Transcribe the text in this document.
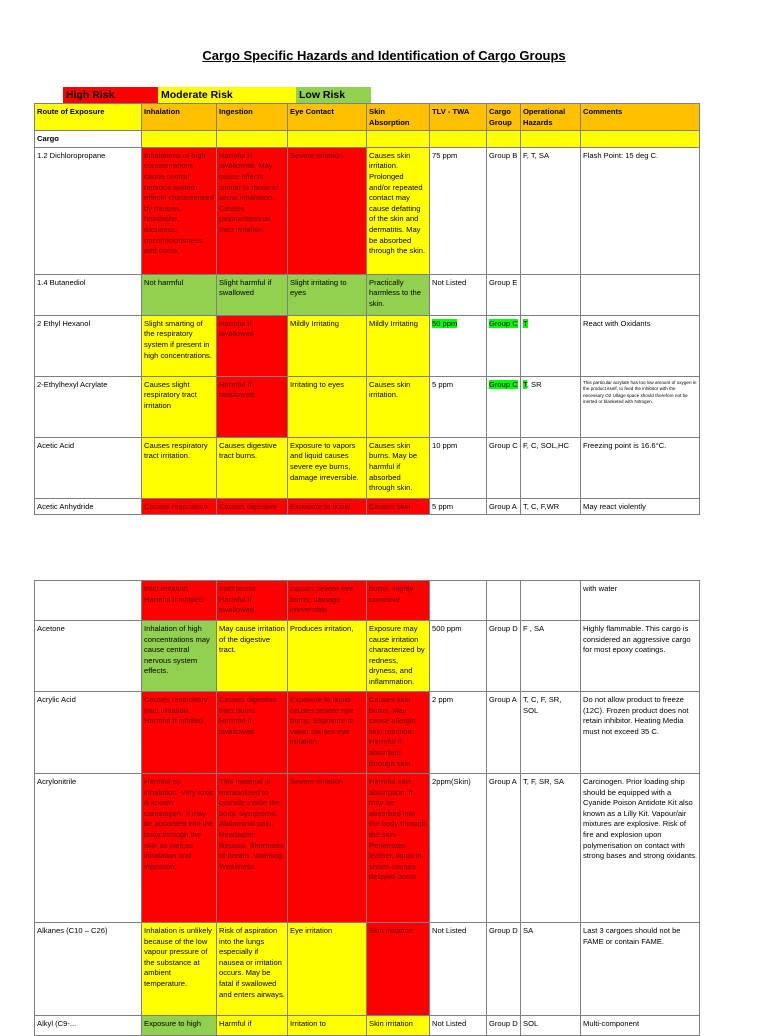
Cargo Specific Hazards and Identification of Cargo Groups
High Risk	Moderate Risk	Low Risk
Route of Exposure	Inhalation	Ingestion	Eye Contact	Skin Absorption	TLV - TWA	Cargo Group	Operational Hazards	Comments
Cargo								
1.2 Dichloropropane	Inhalations of high concentrations cause central nervous system effects characterized by nausea, headache, dizziness, unconsciousness and coma.	Harmful if swallowed. May cause effects similar to those of acute inhalation. Causes gastrointestinal tract irritation.	Severe irritation	Causes skin irritation. Prolonged and/or repeated contact may cause defatting of the skin and dermatitis. May be absorbed through the skin.	75 ppm	Group B	F, T, SA	Flash Point: 15 deg C.
1.4 Butanediol	Not harmful	Slight harmful if swallowed	Slight irritating to eyes	Practically harmless to the skin.	Not Listed	Group E		
2 Ethyl Hexanol	Slight smarting of the respiratory system if present in high concentrations.	Harmful if swallowed	Mildly Irritating	Mildly Irritating	50 ppm	Group C	T	React with Oxidants
2-Ethylhexyl Acrylate	Causes slight respiratory tract irritation	Harmful if swallowed	Irritating to eyes	Causes skin irritation.	5 ppm	Group C	T, SR	This particular acrylate has too low amount of oxygen in the product itself, to feed the inhibitor with the necessary O2 Ullage space should therefore not be inerted or blanketed with Nitrogen.
Acetic Acid	Causes respiratory tract irritation.	Causes digestive tract burns.	Exposure to vapors and liquid causes severe eye burns, damage irreversible.	Causes skin burns. May be harmful if absorbed through skin.	10 ppm	Group C	F, C, SOL,HC	Freezing point is 16.6°C.
Acetic Anhydride	Causes respiratory	Causes digestive	Exposure to liquid	Causes skin	5 ppm	Group A	T, C, F,WR	May react violently
	tract irritation. Harmful if inhaled.	tract burns. Harmful if swallowed.	causes severe eye burns, damage irreversible.	burns. Highly corrosive				with water
Acetone	Inhalation of high concentrations may cause central nervous system effects.	May cause irritation of the digestive tract.	Produces irritation,	Exposure may cause irritation characterized by redness, dryness, and inflammation.	500 ppm	Group D	F , SA	Highly flammable. This cargo is considered an aggressive cargo for most epoxy coatings.
Acrylic Acid	Causes respiratory tract irritation. Harmful if inhaled.	Causes digestive tract burns. Harmful if swallowed.	Exposure to liquid causes severe eye burns. Exposure to vapor causes eye irritation.	Causes skin burns. May cause allergic skin reaction. Harmful if absorbed through skin.	2 ppm	Group A	T, C, F, SR, SOL	Do not allow product to freeze (12C). Frozen product does not retain inhibitor. Heating Media must not exceed 35 C.
Acrylonitrile	Harmful by inhalation. Very toxic & known carcinogen. It may be absorbed into the body through the skin as well as inhalation and ingestion.	This material is metabolized to cyanide inside the body. Symptoms: Abdominal pain. Headache. Nausea. Shortness of breath. Vomiting. Weakness.	Severe irritation	Harmful skin absorption. It may be absorbed into the body through the skin. Penetrates leather, liquid in shoes causes delayed burns	2ppm(Skin)	Group A	T, F, SR, SA	Carcinogen. Prior loading ship should be equipped with a Cyanide Poison Antidote Kit also known as a Lilly Kit. Vapour/air mixtures are explosive. Risk of fire and explosion upon polymerisation on contact with strong bases and strong oxidants.
Alkanes (C10 – C26)	Inhalation is unlikely because of the low vapour pressure of the substance at ambient temperature.	Risk of aspiration into the lungs especially if nausea or irritation occurs. May be fatal if swallowed and enters airways.	Eye irritation	Skin irritation	Not Listed	Group D	SA	Last 3 cargoes should not be FAME or contain FAME.
Alkyl (C9-...	Exposure to high	Harmful if	Irritation to	Skin irritation	Not Listed	Group D	SOL	Multi-component
